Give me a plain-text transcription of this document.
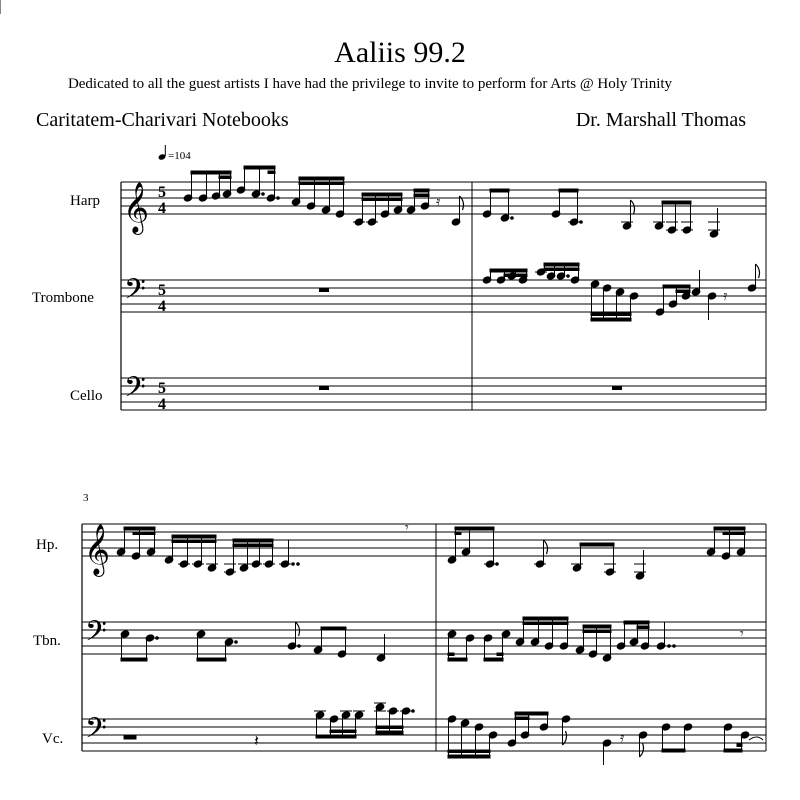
Aaliis 99.2
Dedicated to all the guest artists I have had the privilege to invite to perform for Arts @ Holy Trinity
Caritatem-Charivari Notebooks	Dr. Marshall Thomas
=104
Harp
Trombone
Cello
𝄞
𝄢
𝄢
5
4
5
4
5
4
𝄿
𝄿
3
Hp.
Tbn.
Vc.
𝄞
𝄢
𝄢
𝄾
𝄾
𝄽	𝄿
